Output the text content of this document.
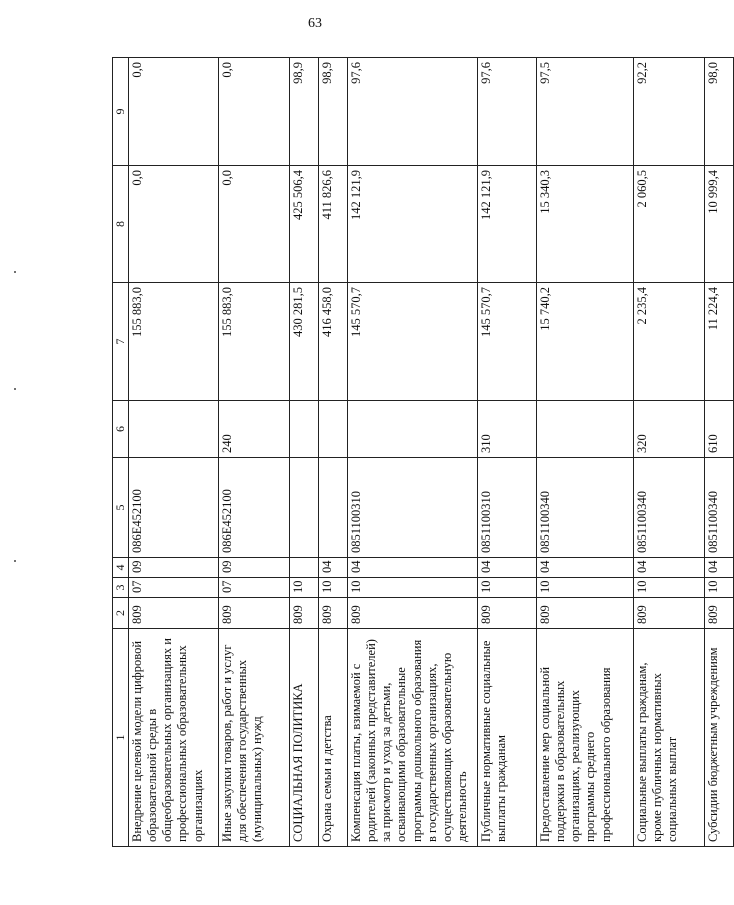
63
1	2	3	4	5	6	7	8	9
Внедрение целевой модели цифровой образовательной среды в общеобразовательных организациях и профессиональных образовательных организациях	809	07	09	086E452100		155 883,0	0,0	0,0
Иные закупки товаров, работ и услуг для обеспечения государственных (муниципальных) нужд	809	07	09	086E452100	240	155 883,0	0,0	0,0
СОЦИАЛЬНАЯ ПОЛИТИКА	809	10				430 281,5	425 506,4	98,9
Охрана семьи и детства	809	10	04			416 458,0	411 826,6	98,9
Компенсация платы, взимаемой с родителей (законных представителей) за присмотр и уход за детьми, осваивающими образовательные программы дошкольного образования в государственных организациях, осуществляющих образовательную деятельность	809	10	04	0851100310		145 570,7	142 121,9	97,6
Публичные нормативные социальные выплаты гражданам	809	10	04	0851100310	310	145 570,7	142 121,9	97,6
Предоставление мер социальной поддержки в образовательных организациях, реализующих программы среднего профессионального образования	809	10	04	0851100340		15 740,2	15 340,3	97,5
Социальные выплаты гражданам, кроме публичных нормативных социальных выплат	809	10	04	0851100340	320	2 235,4	2 060,5	92,2
Субсидии бюджетным учреждениям	809	10	04	0851100340	610	11 224,4	10 999,4	98,0
